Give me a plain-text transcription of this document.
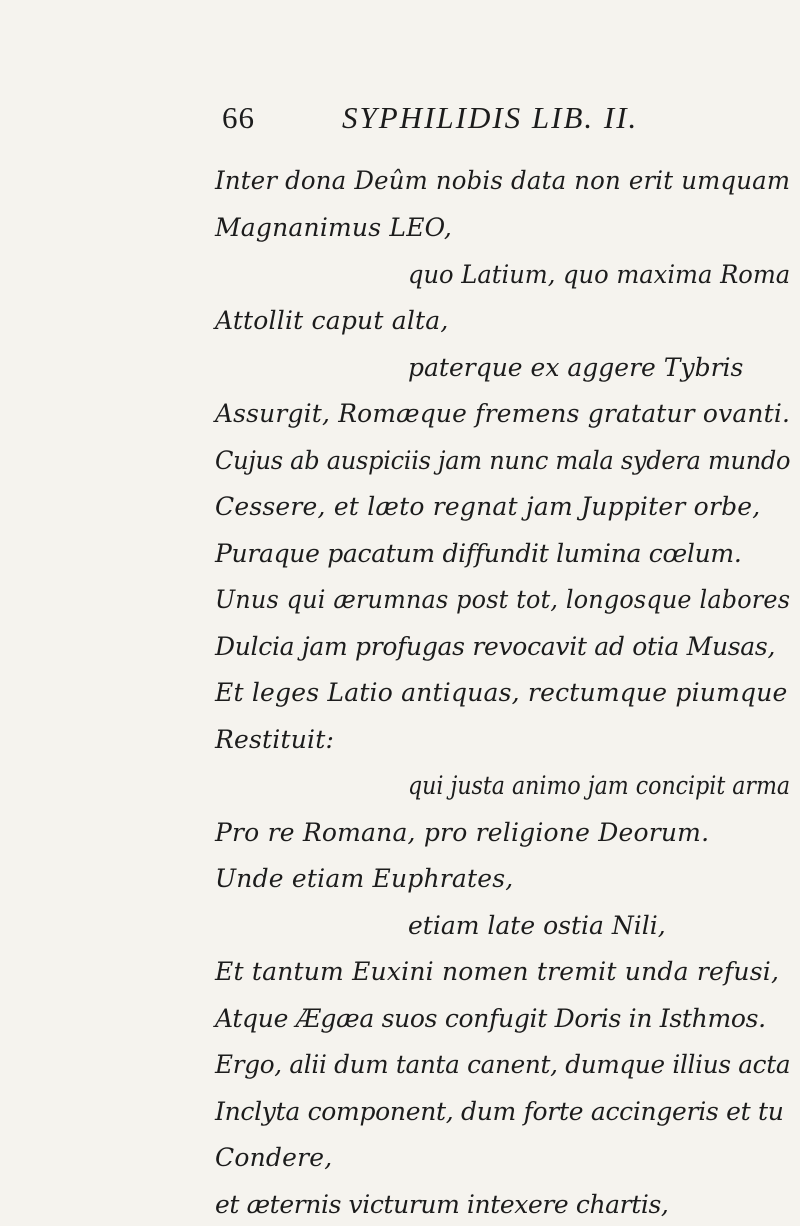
66	SYPHILIDIS LIB. II.
Inter dona Deûm nobis data non erit umquam
Magnanimus LEO,
quo Latium, quo maxima Roma
Attollit caput alta,
paterque ex aggere Tybris
Assurgit, Romæque fremens gratatur ovanti.
Cujus ab auspiciis jam nunc mala sydera mundo
Cessere, et læto regnat jam Juppiter orbe,
Puraque pacatum diffundit lumina cœlum.
Unus qui ærumnas post tot, longosque labores
Dulcia jam profugas revocavit ad otia Musas,
Et leges Latio antiquas, rectumque piumque
Restituit:
qui justa animo jam concipit arma
Pro re Romana, pro religione Deorum.
Unde etiam Euphrates,
etiam late ostia Nili,
Et tantum Euxini nomen tremit unda refusi,
Atque Ægæa suos confugit Doris in Isthmos.
Ergo, alii dum tanta canent, dumque illius acta
Inclyta component, dum forte accingeris et tu
Condere,
et æternis victurum intexere chartis,
